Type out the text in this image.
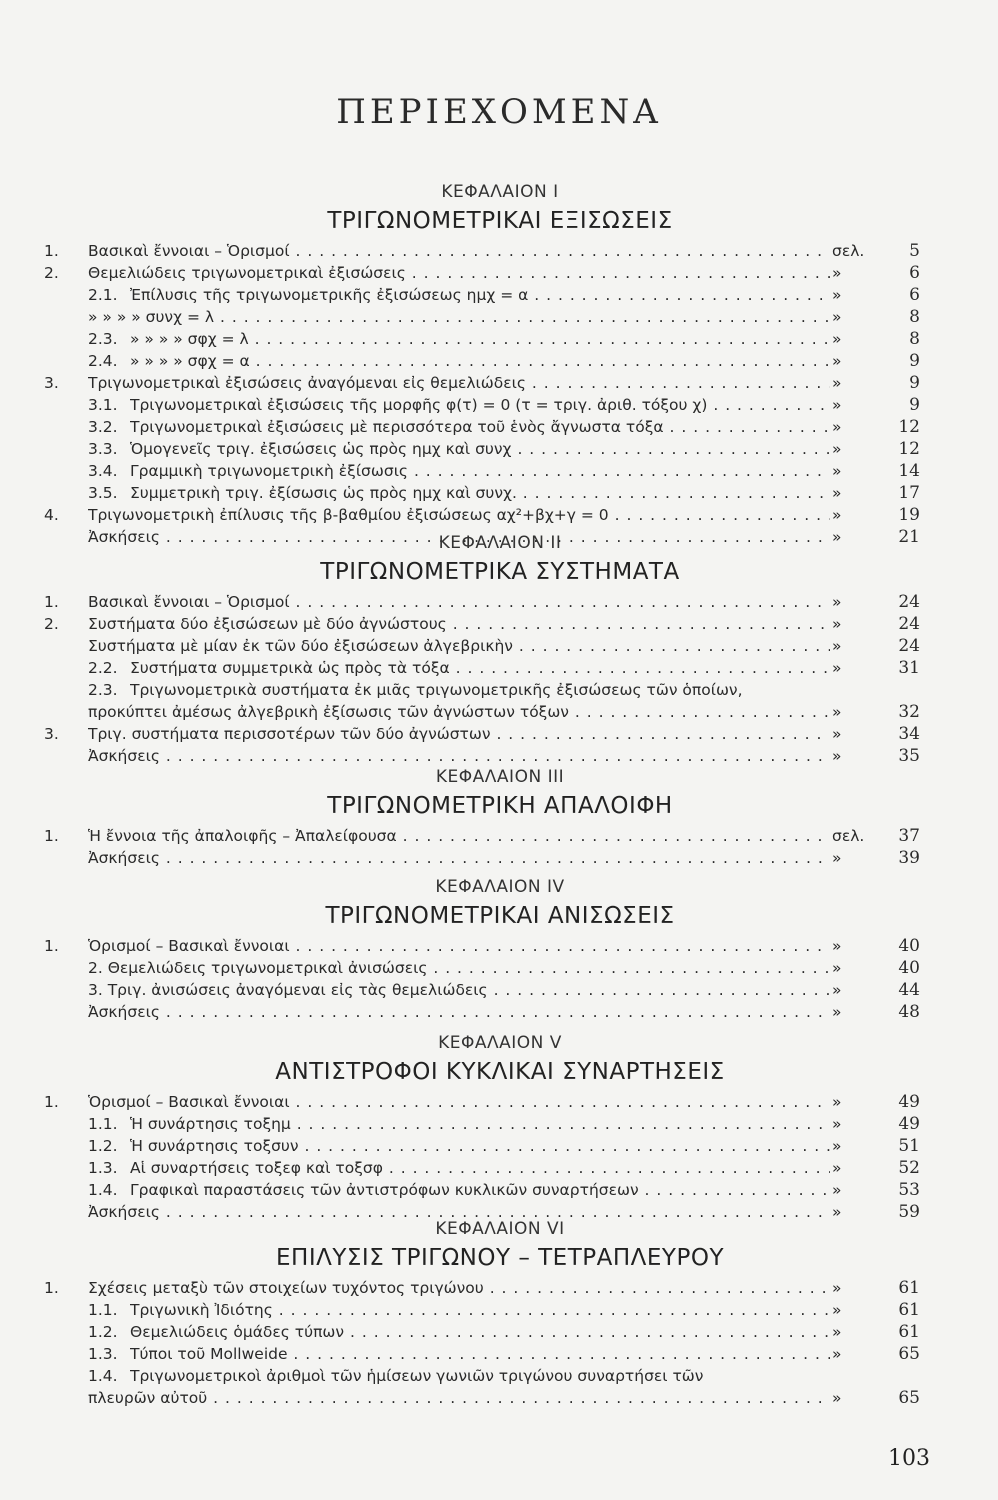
ΠΕΡΙΕΧΟΜΕΝΑ
ΚΕΦΑΛΑΙΟΝ Ι
ΤΡΙΓΩΝΟΜΕΤΡΙΚΑΙ ΕΞΙΣΩΣΕΙΣ
1. Βασικαὶ ἔννοιαι – Ὁρισμοί . . .	σελ.	5
2. Θεμελιώδεις τριγωνομετρικαὶ ἐξισώσεις . . .	»	6
2.1. Ἐπίλυσις τῆς τριγωνομετρικῆς ἐξισώσεως ημχ = α . . .	»	6
» » » » συνχ = λ . . .	»	8
2.3. » » » » σφχ = λ . . .	»	8
2.4. » » » » σφχ = α . . .	»	9
3. Τριγωνομετρικαὶ ἐξισώσεις ἀναγόμεναι εἰς θεμελιώδεις . . .	»	9
3.1. Τριγωνομετρικαὶ ἐξισώσεις τῆς μορφῆς φ(τ) = 0 (τ = τριγ. ἀριθ. τόξου χ) . . .	»	9
3.2. Τριγωνομετρικαὶ ἐξισώσεις μὲ περισσότερα τοῦ ἑνὸς ἄγνωστα τόξα . . .	»	12
3.3. Ὁμογενεῖς τριγ. ἐξισώσεις ὡς πρὸς ημχ καὶ συνχ . . .	»	12
3.4. Γραμμικὴ τριγωνομετρικὴ ἐξίσωσις . . .	»	14
3.5. Συμμετρικὴ τριγ. ἐξίσωσις ὡς πρὸς ημχ καὶ συνχ. . . .	»	17
4. Τριγωνομετρικὴ ἐπίλυσις τῆς β-βαθμίου ἐξισώσεως αχ²+βχ+γ = 0 . . .	»	19
Ἀσκήσεις . . .	»	21
ΚΕΦΑΛΑΙΟΝ ΙΙ
ΤΡΙΓΩΝΟΜΕΤΡΙΚΑ ΣΥΣΤΗΜΑΤΑ
1. Βασικαὶ ἔννοιαι – Ὁρισμοί . . .	»	24
2. Συστήματα δύο ἐξισώσεων μὲ δύο ἀγνώστους . . .	»	24
Συστήματα μὲ μίαν ἐκ τῶν δύο ἐξισώσεων ἀλγεβρικὴν . . .	»	24
2.2. Συστήματα συμμετρικὰ ὡς πρὸς τὰ τόξα . . .	»	31
2.3. Τριγωνομετρικὰ συστήματα ἐκ μιᾶς τριγωνομετρικῆς ἐξισώσεως τῶν ὁποίων,
προκύπτει ἀμέσως ἀλγεβρικὴ ἐξίσωσις τῶν ἀγνώστων τόξων . . .	»	32
3. Τριγ. συστήματα περισσοτέρων τῶν δύο ἀγνώστων . . .	»	34
Ἀσκήσεις . . .	»	35
ΚΕΦΑΛΑΙΟΝ ΙΙΙ
ΤΡΙΓΩΝΟΜΕΤΡΙΚΗ ΑΠΑΛΟΙΦΗ
1. Ἡ ἔννοια τῆς ἀπαλοιφῆς – Ἀπαλείφουσα . . .	σελ.	37
Ἀσκήσεις . . .	»	39
ΚΕΦΑΛΑΙΟΝ IV
ΤΡΙΓΩΝΟΜΕΤΡΙΚΑΙ ΑΝΙΣΩΣΕΙΣ
1. Ὁρισμοί – Βασικαὶ ἔννοιαι . . .	»	40
2. Θεμελιώδεις τριγωνομετρικαὶ ἀνισώσεις . . .	»	40
3. Τριγ. ἀνισώσεις ἀναγόμεναι εἰς τὰς θεμελιώδεις . . .	»	44
Ἀσκήσεις . . .	»	48
ΚΕΦΑΛΑΙΟΝ V
ΑΝΤΙΣΤΡΟΦΟΙ ΚΥΚΛΙΚΑΙ ΣΥΝΑΡΤΗΣΕΙΣ
1. Ὁρισμοί – Βασικαὶ ἔννοιαι . . .	»	49
1.1. Ἡ συνάρτησις τοξημ . . .	»	49
1.2. Ἡ συνάρτησις τοξσυν . . .	»	51
1.3. Αἱ συναρτήσεις τοξεφ καὶ τοξσφ . . .	»	52
1.4. Γραφικαὶ παραστάσεις τῶν ἀντιστρόφων κυκλικῶν συναρτήσεων . . .	»	53
Ἀσκήσεις . . .	»	59
ΚΕΦΑΛΑΙΟΝ VI
ΕΠΙΛΥΣΙΣ ΤΡΙΓΩΝΟΥ – ΤΕΤΡΑΠΛΕΥΡΟΥ
1. Σχέσεις μεταξὺ τῶν στοιχείων τυχόντος τριγώνου . . .	»	61
1.1. Τριγωνικὴ Ἰδιότης . . .	»	61
1.2. Θεμελιώδεις ὁμάδες τύπων . . .	»	61
1.3. Τύποι τοῦ Mollweide . . .	»	65
1.4. Τριγωνομετρικοὶ ἀριθμοὶ τῶν ἡμίσεων γωνιῶν τριγώνου συναρτήσει τῶν
πλευρῶν αὐτοῦ . . .	»	65
103
